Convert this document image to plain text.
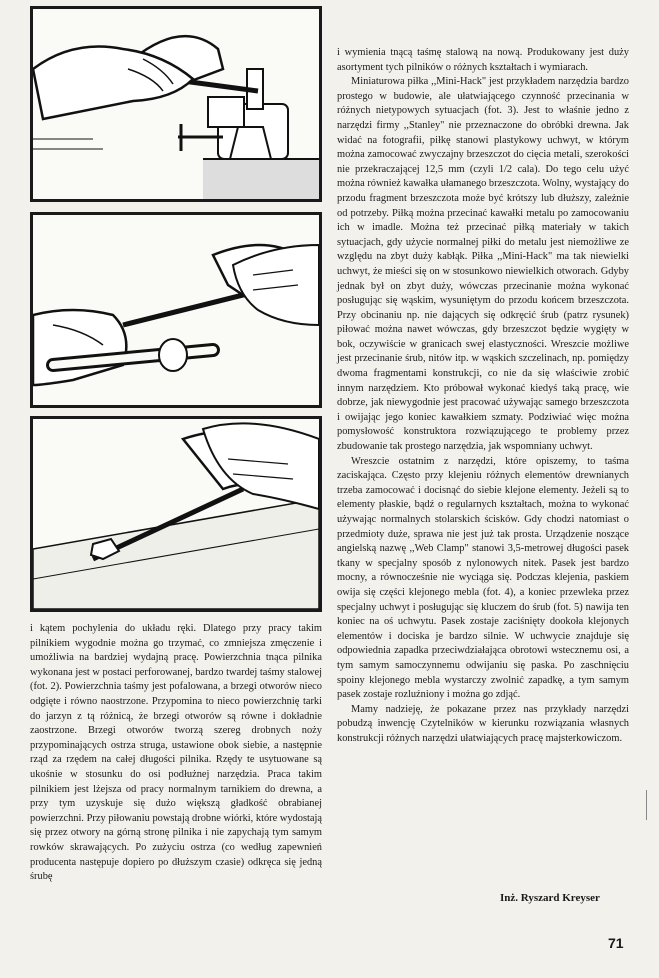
i wymienia tnącą taśmę stalową na nową. Produkowany jest duży asortyment tych pilników o różnych kształtach i wymiarach.

Miniaturowa piłka ,,Mini-Hack" jest przykładem narzędzia bardzo prostego w budowie, ale ułatwiającego czynność przecinania w różnych nietypowych sytuacjach (fot. 3). Jest to właśnie jedno z narzędzi firmy ,,Stanley" nie przeznaczone do obróbki drewna. Jak widać na fotografii, piłkę stanowi plastykowy uchwyt, w którym można zamocować zwyczajny brzeszczot do cięcia metali, szerokości nie przekraczającej 12,5 mm (czyli 1/2 cala). Do tego celu użyć można również kawałka ułamanego brzeszczota. Wolny, wystający do przodu fragment brzeszczota może być krótszy lub dłuższy, zależnie od potrzeby. Piłką można przecinać kawałki metalu po zamocowaniu ich w imadle. Można też przecinać piłką materiały w takich sytuacjach, gdy użycie normalnej piłki do metalu jest niemożliwe ze względu na zbyt duży kabłąk. Piłka ,,Mini-Hack" ma tak niewielki uchwyt, że mieści się on w stosunkowo niewielkich otworach. Gdyby jednak był on zbyt duży, wówczas przecinanie można wykonać posługując się wąskim, wysuniętym do przodu końcem brzeszczota. Przy obcinaniu np. nie dających się odkręcić śrub (patrz rysunek) piłować można nawet wówczas, gdy brzeszczot będzie wygięty w bok, oczywiście w granicach swej elastyczności. Wreszcie możliwe jest przecinanie śrub, nitów itp. w wąskich szczelinach, np. pomiędzy dwoma fragmentami konstrukcji, co nie da się właściwie zrobić innym narzędziem. Kto próbował wykonać kiedyś taką pracę, wie dobrze, jak niewygodnie jest pracować używając samego brzeszczota i owijając jego koniec kawałkiem szmaty. Podziwiać więc można pomysłowość konstruktora rozwiązującego te problemy przez zbudowanie tak prostego narzędzia, jak wspomniany uchwyt.

Wreszcie ostatnim z narzędzi, które opiszemy, to taśma zaciskająca. Często przy klejeniu różnych elementów drewnianych trzeba zamocować i docisnąć do siebie klejone elementy. Jeżeli są to elementy płaskie, bądź o regularnych kształtach, można to wykonać używając normalnych stolarskich ścisków. Gdy chodzi natomiast o przedmioty duże, sprawa nie jest już tak prosta. Urządzenie noszące angielską nazwę ,,Web Clamp" stanowi 3,5-metrowej długości pasek tkany w specjalny sposób z nylonowych nitek. Pasek jest bardzo mocny, a równocześnie nie wyciąga się. Podczas klejenia, paskiem owija się części klejonego mebla (fot. 4), a koniec przewleka przez specjalny uchwyt i posługując się kluczem do śrub (fot. 5) nawija ten koniec na oś uchwytu. Pasek zostaje zaciśnięty dookoła klejonych elementów i dociska je bardzo silnie. W uchwycie znajduje się odpowiednia zapadka przeciwdziałająca obrotowi wstecznemu osi, a tym samym samoczynnemu odwijaniu się paska. Po zaschnięciu spoiny klejonego mebla wystarczy zwolnić zapadkę, a tym samym pasek zostaje rozluźniony i można go zdjąć.

Mamy nadzieję, że pokazane przez nas przykłady narzędzi pobudzą inwencję Czytelników w kierunku rozwiązania własnych konstrukcji różnych narzędzi ułatwiających pracę majsterkowiczom.

i kątem pochylenia do układu ręki. Dlatego przy pracy takim pilnikiem wygodnie można go trzymać, co zmniejsza zmęczenie i umożliwia na bardziej wydajną pracę. Powierzchnia tnąca pilnika wykonana jest w postaci perforowanej, bardzo twardej taśmy stalowej (fot. 2). Powierzchnia taśmy jest pofalowana, a brzegi otworów nieco odgięte i równo naostrzone. Przypomina to nieco powierzchnię tarki do jarzyn z tą różnicą, że brzegi otworów są równe i dokładnie zaostrzone. Brzegi otworów tworzą szereg drobnych noży przypominających ostrza struga, ustawione obok siebie, a następnie rząd za rzędem na całej długości pilnika. Rzędy te usytuowane są ukośnie w stosunku do osi podłużnej narzędzia. Praca takim pilnikiem jest lżejsza od pracy normalnym tarnikiem do drewna, a przy tym uzyskuje się dużo większą gładkość obrabianej powierzchni. Przy piłowaniu powstają drobne wiórki, które wydostają się przez otwory na górną stronę pilnika i nie zapychają tym samym rowków skrawających. Po zużyciu ostrza (co według zapewnień producenta następuje dopiero po dłuższym czasie) odkręca się jedną śrubę

Inż. Ryszard Kreyser
71
